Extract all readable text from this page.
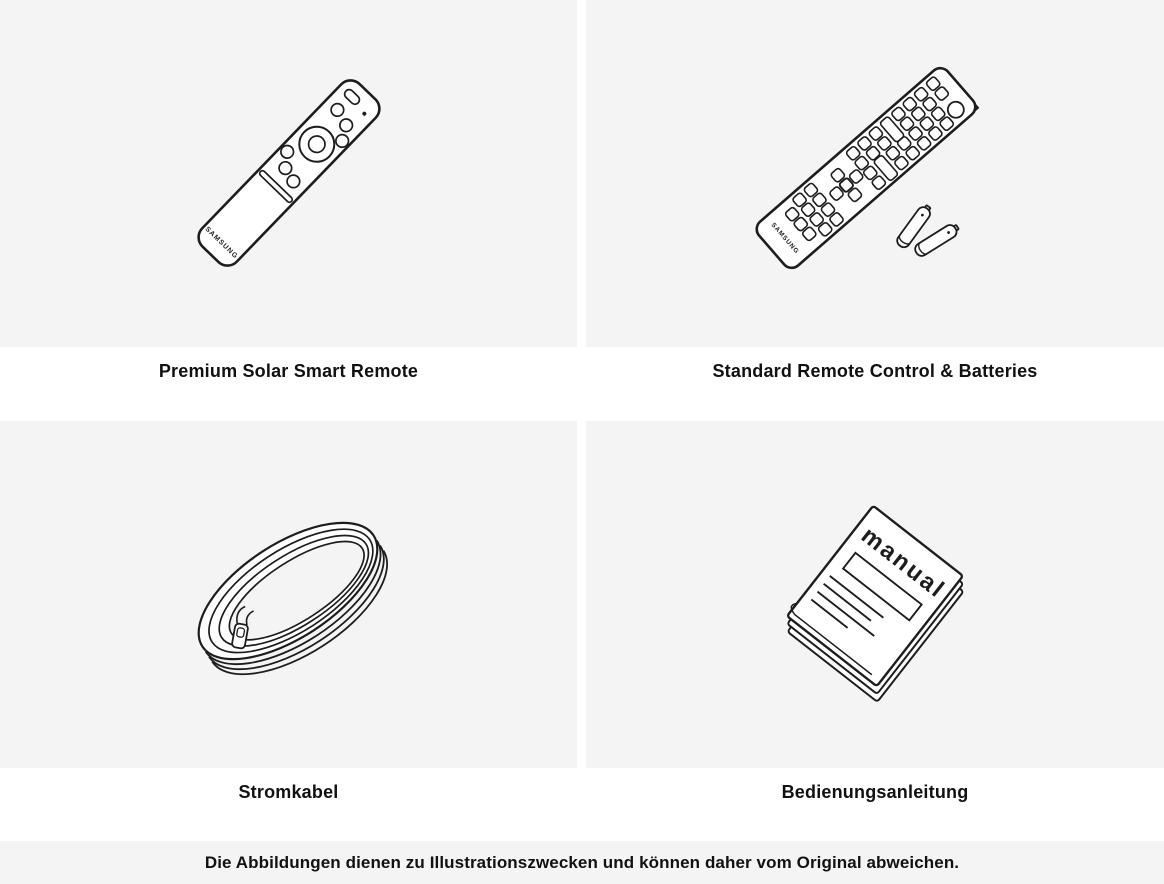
SAMSUNG

Premium Solar Smart Remote

SAMSUNG

Standard Remote Control & Batteries

Stromkabel

manual

Bedienungsanleitung

Die Abbildungen dienen zu Illustrationszwecken und können daher vom Original abweichen.
